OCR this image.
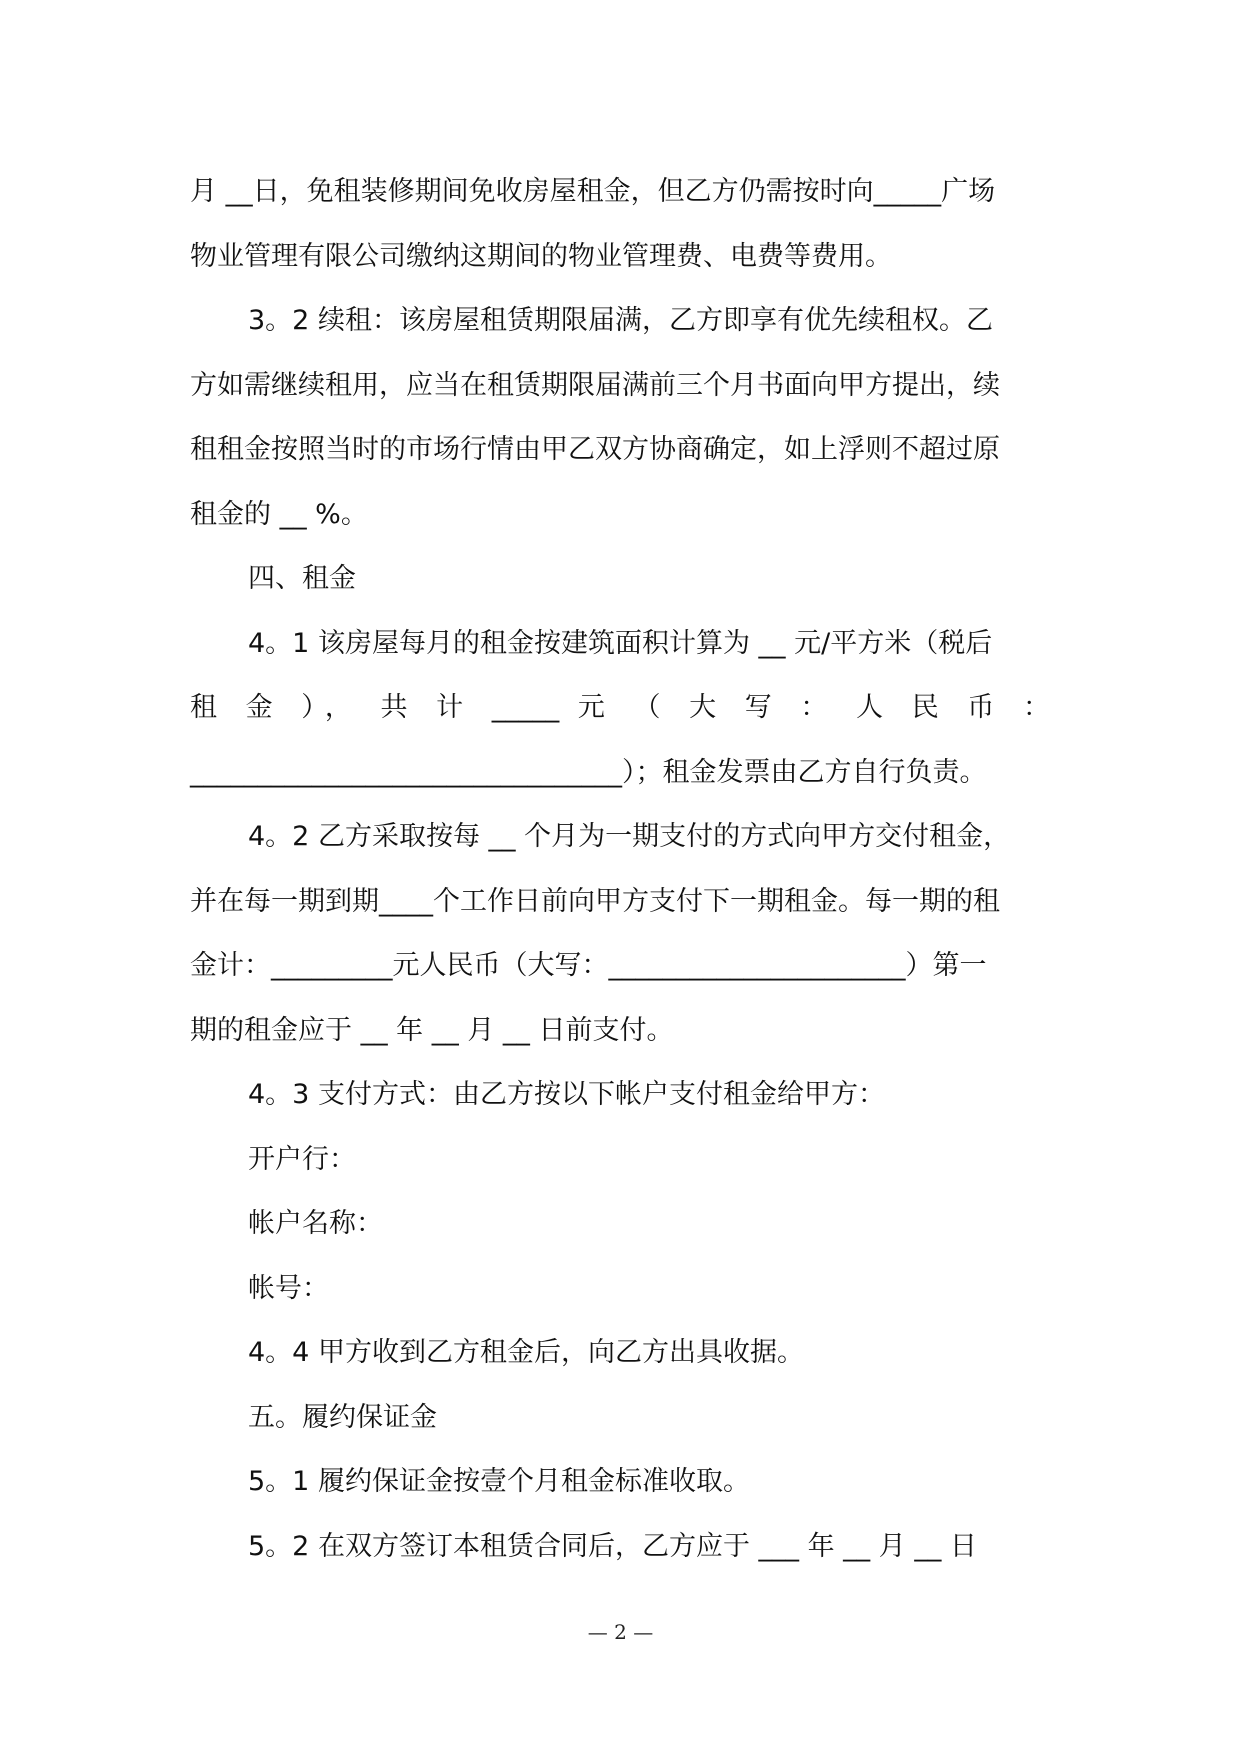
月 __日，免租装修期间免收房屋租金，但乙方仍需按时向_____广场
物业管理有限公司缴纳这期间的物业管理费、电费等费用。
3。2 续租：该房屋租赁期限届满，乙方即享有优先续租权。乙
方如需继续租用，应当在租赁期限届满前三个月书面向甲方提出，续
租租金按照当时的市场行情由甲乙双方协商确定，如上浮则不超过原
租金的 __ %。
四、租金
4。1 该房屋每月的租金按建筑面积计算为 __ 元/平方米（税后
租 金 ）， 共 计 _____ 元 （ 大 写 ： 人 民 币 ：
________________________________）；租金发票由乙方自行负责。
4。2 乙方采取按每 __ 个月为一期支付的方式向甲方交付租金，
并在每一期到期____个工作日前向甲方支付下一期租金。每一期的租
金计：_________元人民币（大写：______________________）第一
期的租金应于 __ 年 __ 月 __ 日前支付。
4。3 支付方式：由乙方按以下帐户支付租金给甲方：
开户行：
帐户名称：
帐号：
4。4 甲方收到乙方租金后，向乙方出具收据。
五。履约保证金
5。1 履约保证金按壹个月租金标准收取。
5。2 在双方签订本租赁合同后，乙方应于 ___ 年 __ 月 __ 日
— 2 —
